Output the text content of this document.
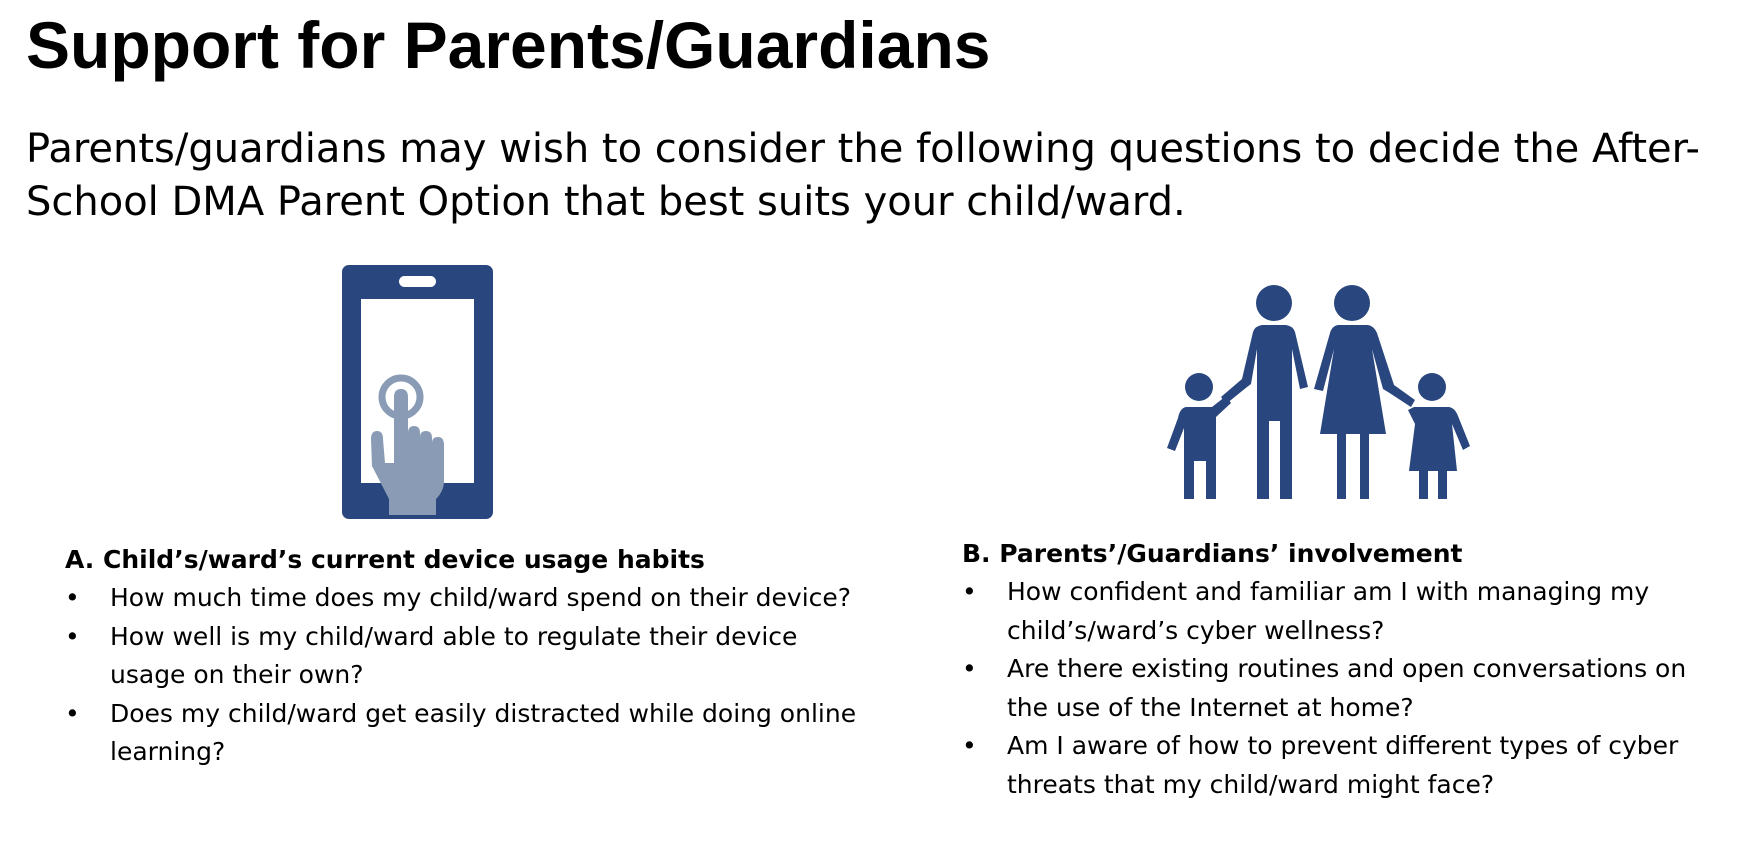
Support for Parents/Guardians

Parents/guardians may wish to consider the following questions to decide the After-
School DMA Parent Option that best suits your child/ward.

A. Child’s/ward’s current device usage habits
• How much time does my child/ward spend on their device?
• How well is my child/ward able to regulate their device usage on their own?
• Does my child/ward get easily distracted while doing online learning?
B. Parents’/Guardians’ involvement
• How confident and familiar am I with managing my child’s/ward’s cyber wellness?
• Are there existing routines and open conversations on the use of the Internet at home?
• Am I aware of how to prevent different types of cyber threats that my child/ward might face?
